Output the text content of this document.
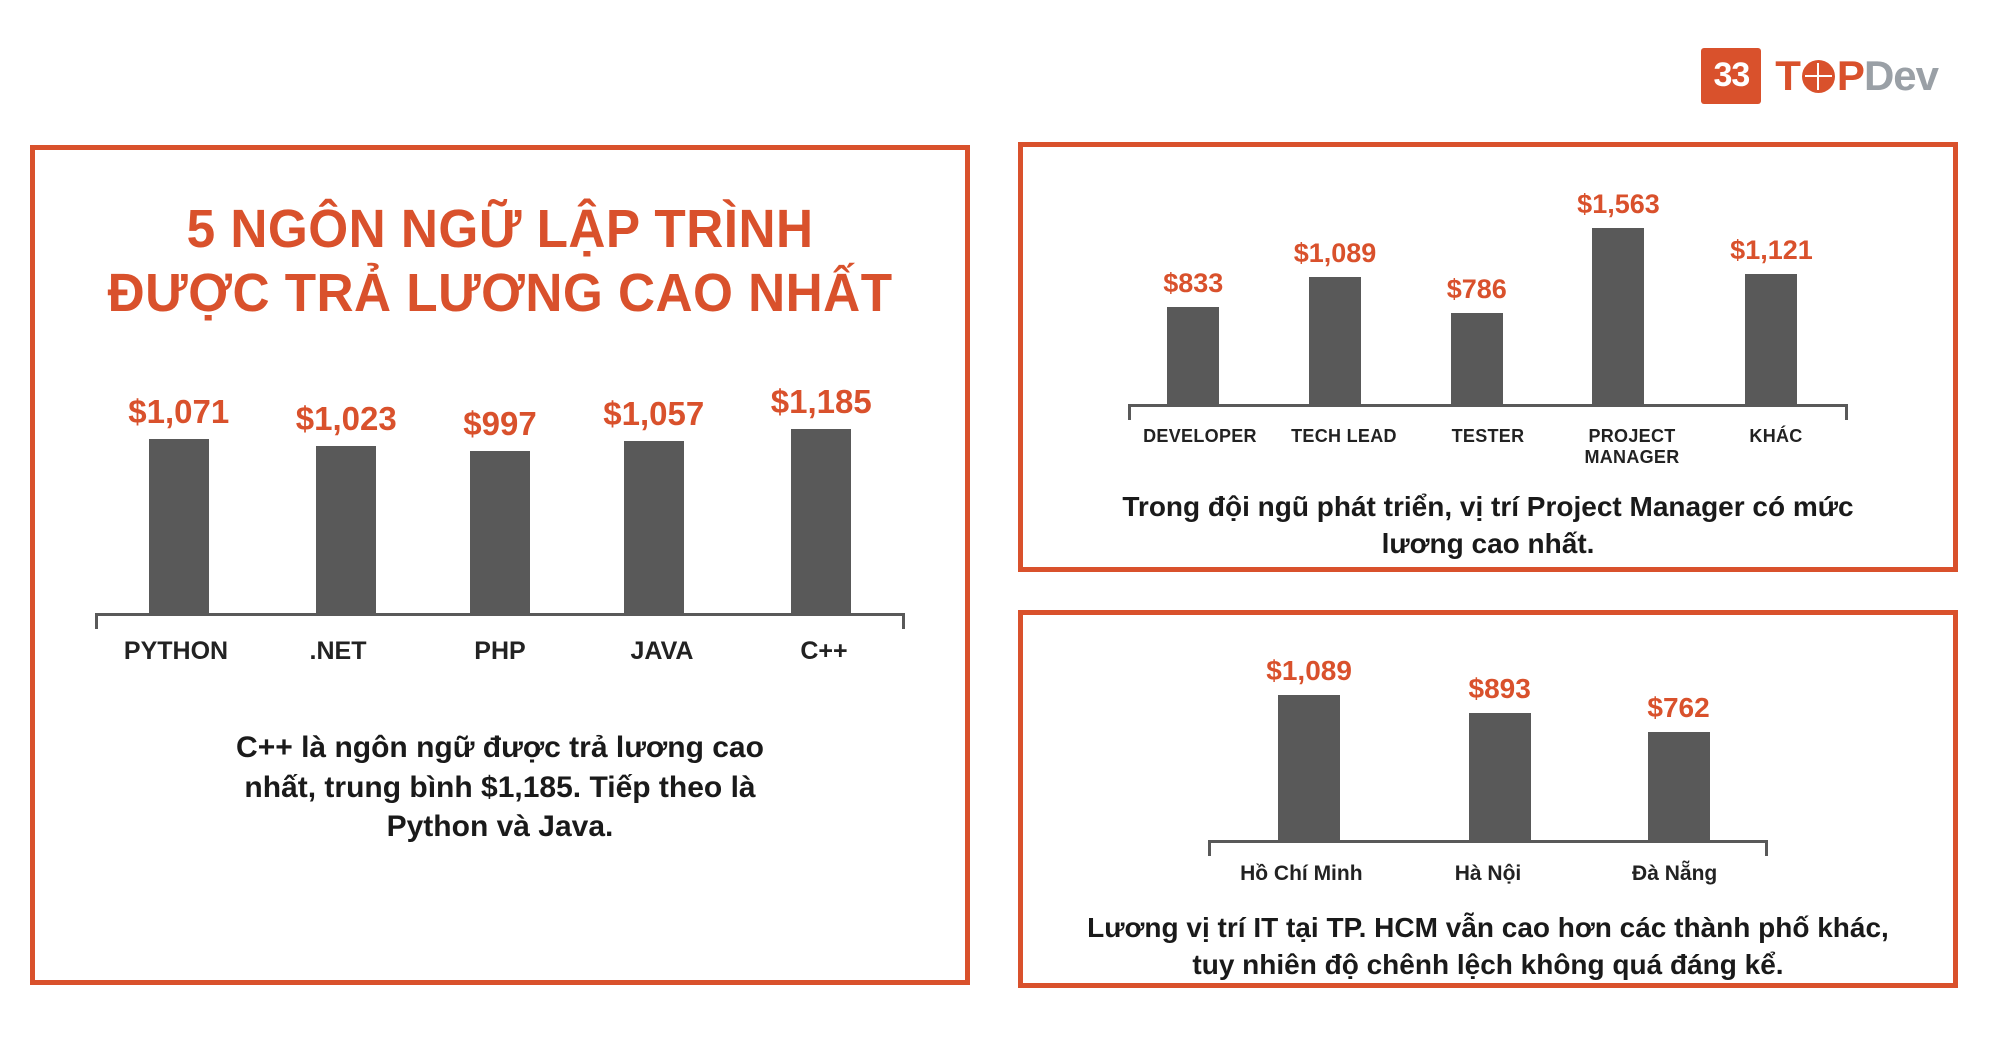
33 T P Dev
5 NGÔN NGỮ LẬP TRÌNH
ĐƯỢC TRẢ LƯƠNG CAO NHẤT
$1,071 $1,023 $997 $1,057 $1,185
PYTHON	.NET	PHP	JAVA	C++
C++ là ngôn ngữ được trả lương cao nhất, trung bình $1,185. Tiếp theo là Python và Java.
$833
$1,089
$786
$1,563
$1,121
DEVELOPER	TECH LEAD	TESTER	PROJECT
MANAGER
KHÁC
Trong đội ngũ phát triển, vị trí Project Manager có mức lương cao nhất.
$1,089
$893
$762
Hồ Chí Minh	Hà Nội	Đà Nẵng
Lương vị trí IT tại TP. HCM vẫn cao hơn các thành phố khác, tuy nhiên độ chênh lệch không quá đáng kể.
